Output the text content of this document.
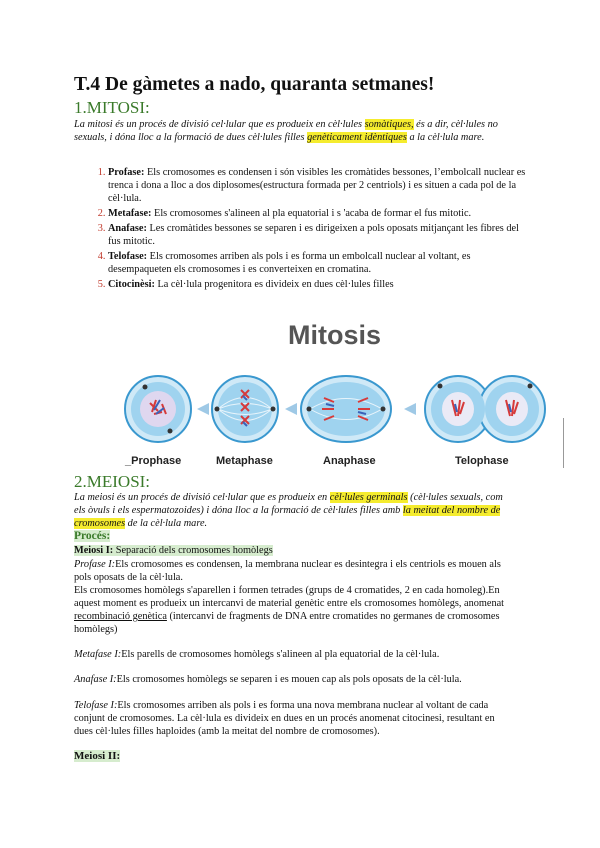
T.4 De gàmetes a nado, quaranta setmanes!
1.MITOSI:
La mitosi és un procés de divisió cel·lular que es produeix en cèl·lules somàtiques, és a dir, cèl·lules no sexuals, i dóna lloc a la formació de dues cèl·lules filles genèticament idèntiques a la cèl·lula mare.
1. Profase: Els cromosomes es condensen i són visibles les cromàtides bessones, l’embolcall nuclear es trenca i dona a lloc a dos diplosomes(estructura formada per 2 centriols) i es situen a cada pol de la cèl·lula.
2. Metafase: Els cromosomes s'alineen al pla equatorial i s 'acaba de formar el fus mitotic.
3. Anafase: Les cromàtides bessones se separen i es dirigeixen a pols oposats mitjançant les fibres del fus mitotic.
4. Telofase: Els cromosomes arriben als pols i es forma un embolcall nuclear al voltant, es desempaqueten els cromosomes i es converteixen en cromatina.
5. Citocinèsi: La cèl·lula progenitora es divideix en dues cèl·lules filles
Mitosis
_Prophase	Metaphase	Anaphase	Telophase
2.MEIOSI:
La meiosi és un procés de divisió cel·lular que es produeix en cèl·lules germinals (cèl·lules sexuals, com els òvuls i els espermatozoides) i dóna lloc a la formació de cèl·lules filles amb la meitat del nombre de cromosomes de la cèl·lula mare.
Procés:
Meiosi I: Separació dels cromosomes homòlegs
Profase I:Els cromosomes es condensen, la membrana nuclear es desintegra i els centriols es mouen als pols oposats de la cèl·lula.
Els cromosomes homòlegs s'aparellen i formen tetrades (grups de 4 cromatides, 2 en cada homoleg).En aquest moment es produeix un intercanvi de material genètic entre els cromosomes homòlegs, anomenat recombinació genètica (intercanvi de fragments de DNA entre cromatides no germanes de cromosomes homòlegs)
Metafase I:Els parells de cromosomes homòlegs s'alineen al pla equatorial de la cèl·lula.
Anafase I:Els cromosomes homòlegs se separen i es mouen cap als pols oposats de la cèl·lula.
Telofase I:Els cromosomes arriben als pols i es forma una nova membrana nuclear al voltant de cada conjunt de cromosomes. La cèl·lula es divideix en dues en un procés anomenat citocinesi, resultant en dues cèl·lules filles haploides (amb la meitat del nombre de cromosomes).
Meiosi II:
